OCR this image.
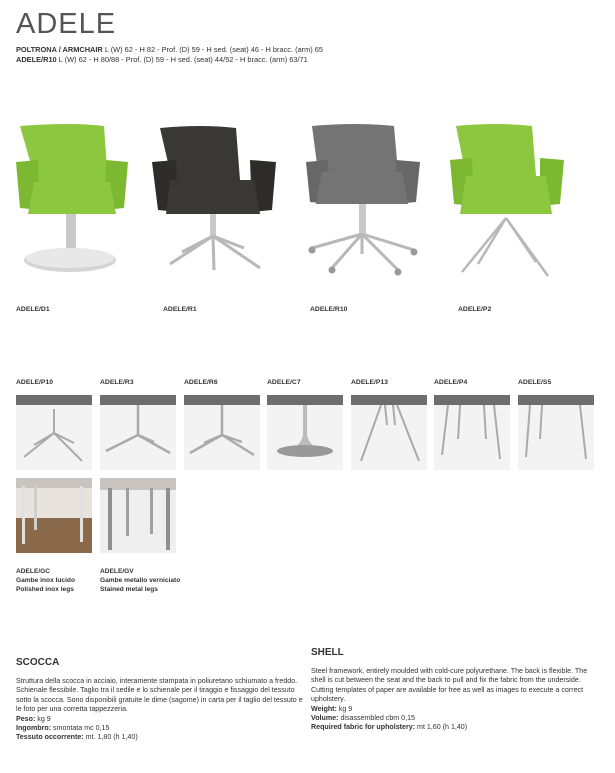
ADELE
POLTRONA / ARMCHAIR L (W) 62 - H 82 - Prof. (D) 59 - H sed. (seat) 46 - H bracc. (arm) 65
ADELE/R10 L (W) 62 - H 80/88 - Prof. (D) 59 - H sed. (seat) 44/52 - H bracc. (arm) 63/71
ADELE/D1	ADELE/R1	ADELE/R10	ADELE/P2
ADELE/P10	ADELE/R3	ADELE/R6	ADELE/C7	ADELE/P13	ADELE/P4	ADELE/S5
ADELE/GC
Gambe inox lucido
Polished inox legs
ADELE/GV
Gambe metallo verniciato
Stained metal legs
SCOCCA
Struttura della scocca in acciaio, interamente stampata in poliuretano schiumato a freddo. Schienale flessibile. Taglio tra il sedile e lo schienale per il tiraggio e fissaggio del tessuto sotto la scocca. Sono disponibili gratuite le dime (sagome) in carta per il taglio del tessuto e le foto per una corretta tappezzeria.
Peso: kg 9
Ingombro: smontata mc 0,15
Tessuto occorrente: mt. 1,80 (h 1,40)
SHELL
Steel framework, entirely moulded with cold-cure polyurethane. The back is flexible. The shell is cut between the seat and the back to pull and fix the fabric from the underside.
Cutting templates of paper are available for free as well as images to execute a correct upholstery.
Weight: kg 9
Volume: disassembled cbm 0,15
Required fabric for upholstery: mt 1,60 (h 1,40)
